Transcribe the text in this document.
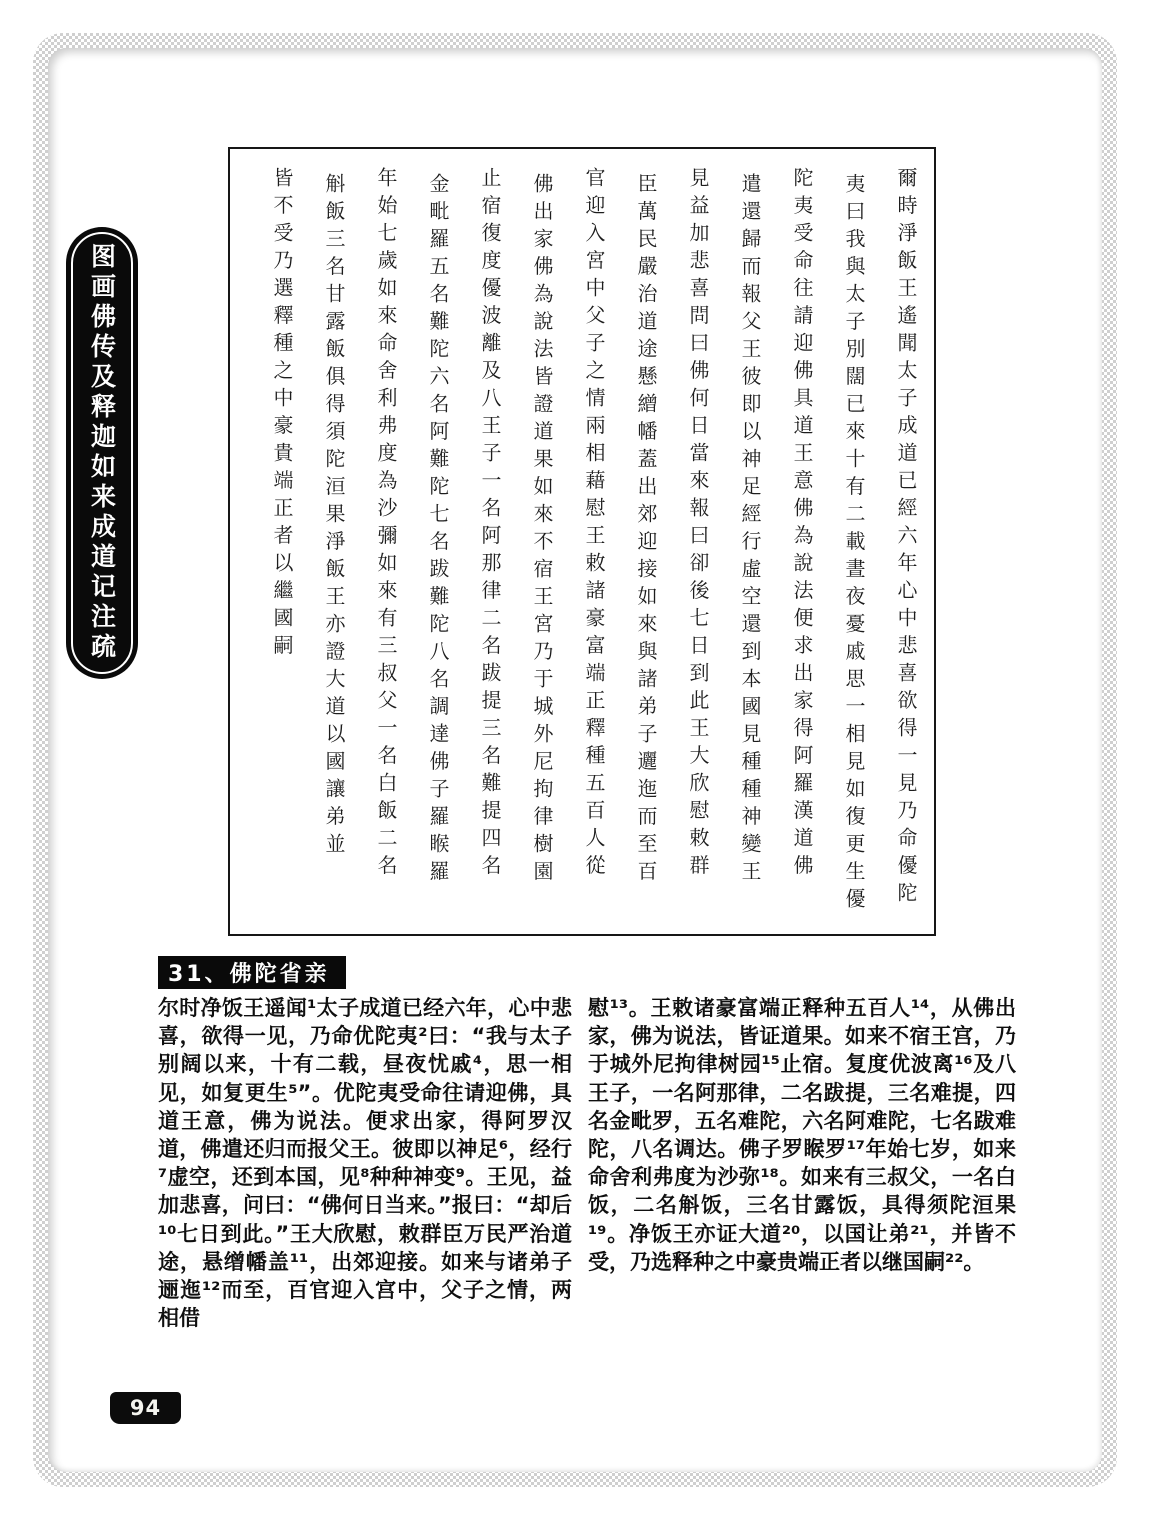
图画佛传及释迦如来成道记注疏	爾時淨飯王遙聞太子成道已經六年心中悲喜欲得一見乃命優陀
夷曰我與太子別闊已來十有二載晝夜憂戚思一相見如復更生優
陀夷受命往請迎佛具道王意佛為說法便求出家得阿羅漢道佛
遣還歸而報父王彼即以神足經行虛空還到本國見種種神變王
見益加悲喜問曰佛何日當來報曰卻後七日到此王大欣慰敕群
臣萬民嚴治道途懸繒幡蓋出郊迎接如來與諸弟子邐迤而至百
官迎入宮中父子之情兩相藉慰王敕諸豪富端正釋種五百人從
佛出家佛為說法皆證道果如來不宿王宮乃于城外尼拘律樹園
止宿復度優波離及八王子一名阿那律二名跋提三名難提四名
金毗羅五名難陀六名阿難陀七名跋難陀八名調達佛子羅睺羅
年始七歲如來命舍利弗度為沙彌如來有三叔父一名白飯二名
斛飯三名甘露飯俱得須陀洹果淨飯王亦證大道以國讓弟並
皆不受乃選釋種之中豪貴端正者以繼國嗣
31、佛陀省亲
尔时净饭王遥闻¹太子成道已经六年，心中悲喜，欲得一见，乃命优陀夷²曰：“我与太子别阔以来，十有二载，昼夜忧戚⁴，思一相见，如复更生⁵”。优陀夷受命往请迎佛，具道王意，佛为说法。便求出家，得阿罗汉道，佛遣还归而报父王。彼即以神足⁶，经行⁷虚空，还到本国，见⁸种种神变⁹。王见，益加悲喜，问曰：“佛何日当来。”报曰：“却后¹⁰七日到此。”王大欣慰，敕群臣万民严治道途，悬缯幡盖¹¹，出郊迎接。如来与诸弟子逦迤¹²而至，百官迎入宫中，父子之情，两相借
慰¹³。王敕诸豪富端正释种五百人¹⁴，从佛出家，佛为说法，皆证道果。如来不宿王宫，乃于城外尼拘律树园¹⁵止宿。复度优波离¹⁶及八王子，一名阿那律，二名跋提，三名难提，四名金毗罗，五名难陀，六名阿难陀，七名跋难陀，八名调达。佛子罗睺罗¹⁷年始七岁，如来命舍利弗度为沙弥¹⁸。如来有三叔父，一名白饭，二名斛饭，三名甘露饭，具得须陀洹果¹⁹。净饭王亦证大道²⁰，以国让弟²¹，并皆不受，乃选释种之中豪贵端正者以继国嗣²²。
94
